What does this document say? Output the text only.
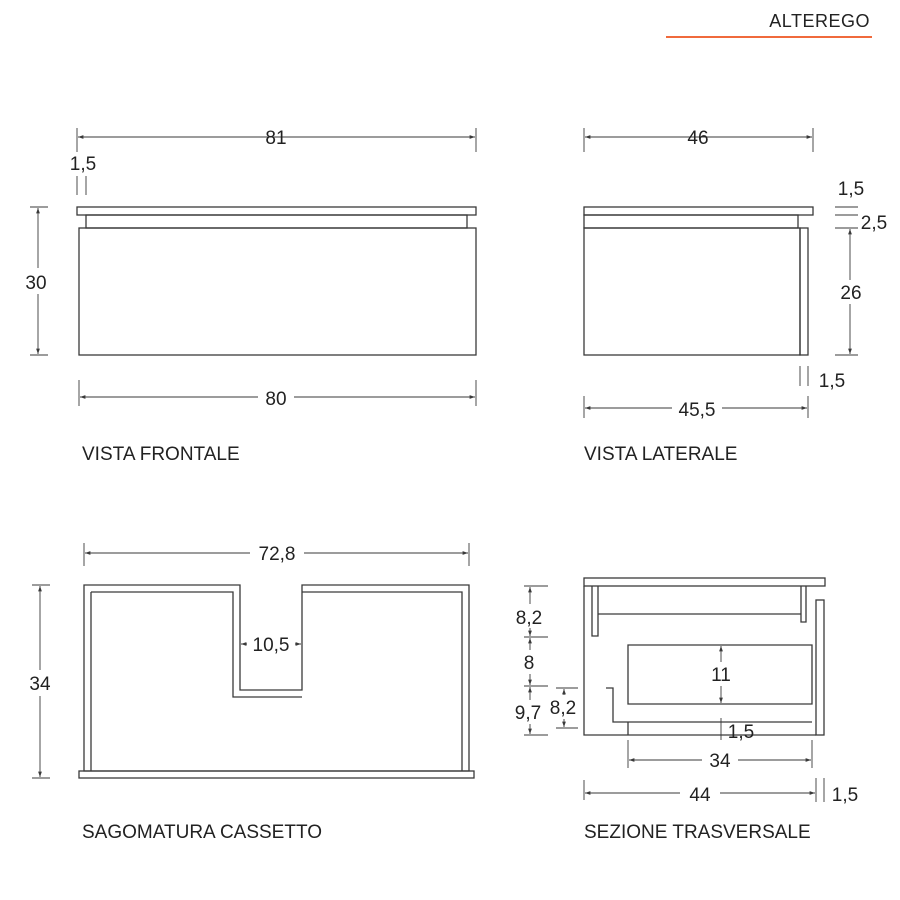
ALTEREGO
81
1,5
30
80
VISTA FRONTALE
46
1,5
2,5
26
1,5
45,5
VISTA LATERALE
72,8
34
10,5
SAGOMATURA CASSETTO
8,2
8
9,7 8,2
11
1,5
34
44	1,5
SEZIONE TRASVERSALE
